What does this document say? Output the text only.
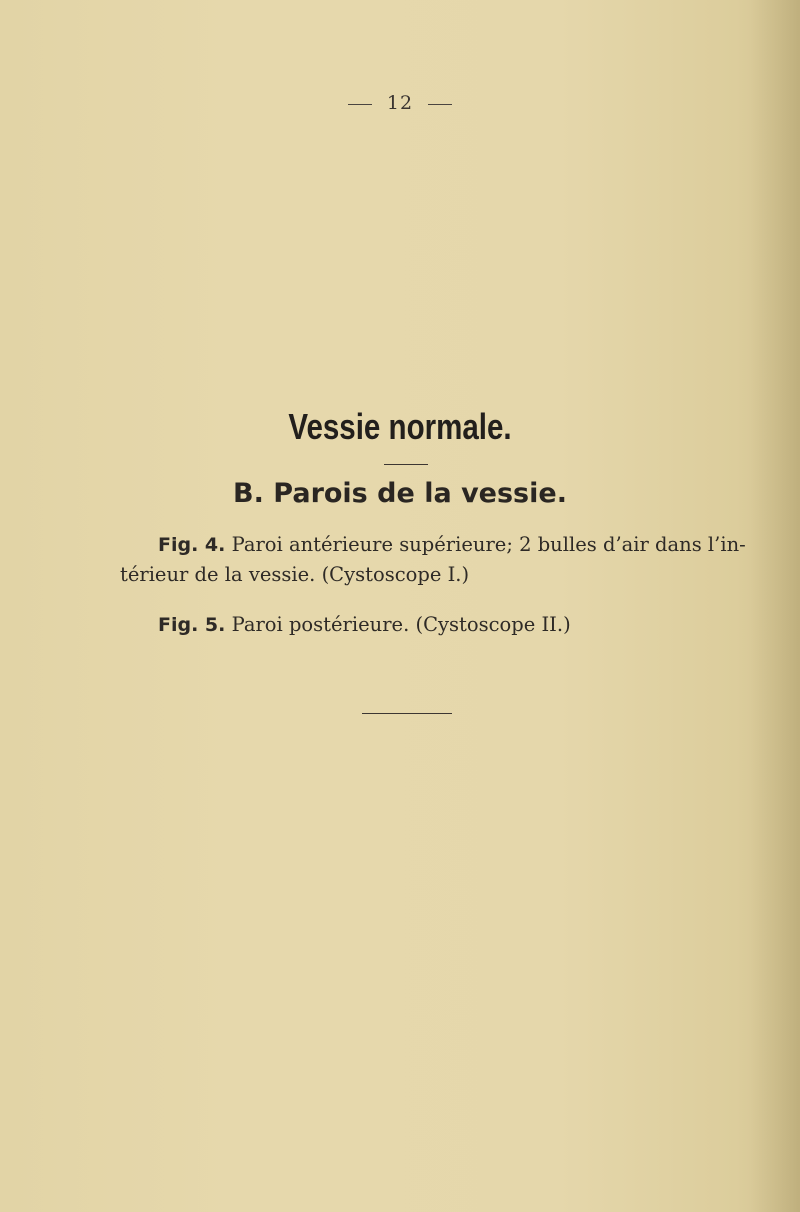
12
Vessie normale.
B. Parois de la vessie.
Fig. 4. Paroi antérieure supérieure; 2 bulles d’air dans l’in-
térieur de la vessie. (Cystoscope I.)
Fig. 5. Paroi postérieure. (Cystoscope II.)
